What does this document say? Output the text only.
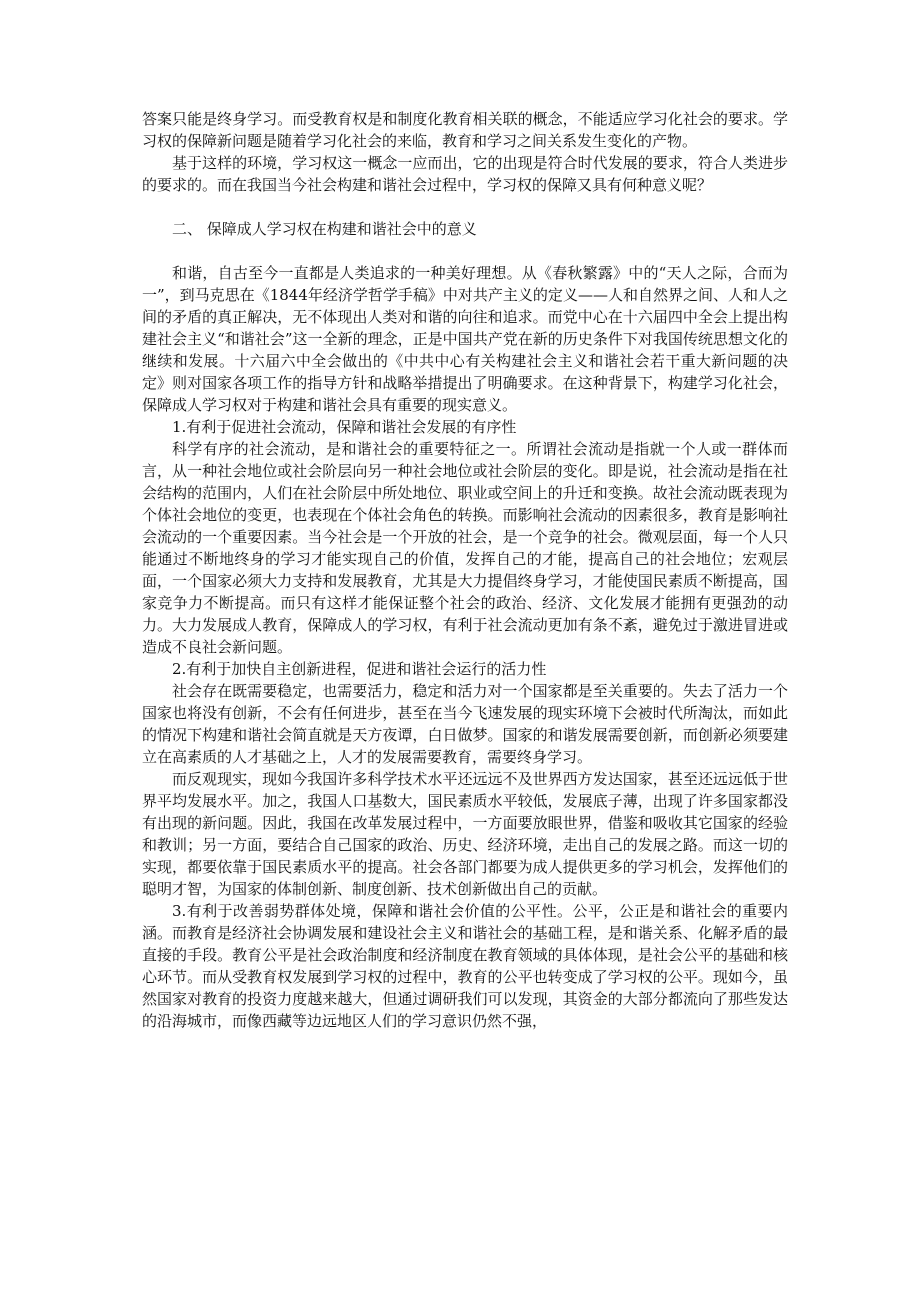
答案只能是终身学习。而受教育权是和制度化教育相关联的概念，不能适应学习化社会的要求。学习权的保障新问题是随着学习化社会的来临，教育和学习之间关系发生变化的产物。

基于这样的环境，学习权这一概念一应而出，它的出现是符合时代发展的要求，符合人类进步的要求的。而在我国当今社会构建和谐社会过程中，学习权的保障又具有何种意义呢？

二、 保障成人学习权在构建和谐社会中的意义

和谐，自古至今一直都是人类追求的一种美好理想。从《春秋繁露》中的“天人之际，合而为一”，到马克思在《1844年经济学哲学手稿》中对共产主义的定义——人和自然界之间、人和人之间的矛盾的真正解决，无不体现出人类对和谐的向往和追求。而党中心在十六届四中全会上提出构建社会主义“和谐社会”这一全新的理念，正是中国共产党在新的历史条件下对我国传统思想文化的继续和发展。十六届六中全会做出的《中共中心有关构建社会主义和谐社会若干重大新问题的决定》则对国家各项工作的指导方针和战略举措提出了明确要求。在这种背景下，构建学习化社会，保障成人学习权对于构建和谐社会具有重要的现实意义。

1.有利于促进社会流动，保障和谐社会发展的有序性

科学有序的社会流动，是和谐社会的重要特征之一。所谓社会流动是指就一个人或一群体而言，从一种社会地位或社会阶层向另一种社会地位或社会阶层的变化。即是说，社会流动是指在社会结构的范围内，人们在社会阶层中所处地位、职业或空间上的升迁和变换。故社会流动既表现为个体社会地位的变更，也表现在个体社会角色的转换。而影响社会流动的因素很多，教育是影响社会流动的一个重要因素。当今社会是一个开放的社会，是一个竞争的社会。微观层面，每一个人只能通过不断地终身的学习才能实现自己的价值，发挥自己的才能，提高自己的社会地位；宏观层面，一个国家必须大力支持和发展教育，尤其是大力提倡终身学习，才能使国民素质不断提高，国家竞争力不断提高。而只有这样才能保证整个社会的政治、经济、文化发展才能拥有更强劲的动力。大力发展成人教育，保障成人的学习权，有利于社会流动更加有条不紊，避免过于激进冒进或造成不良社会新问题。

2.有利于加快自主创新进程，促进和谐社会运行的活力性

社会存在既需要稳定，也需要活力，稳定和活力对一个国家都是至关重要的。失去了活力一个国家也将没有创新，不会有任何进步，甚至在当今飞速发展的现实环境下会被时代所淘汰，而如此的情况下构建和谐社会简直就是天方夜谭，白日做梦。国家的和谐发展需要创新，而创新必须要建立在高素质的人才基础之上，人才的发展需要教育，需要终身学习。

而反观现实，现如今我国许多科学技术水平还远远不及世界西方发达国家，甚至还远远低于世界平均发展水平。加之，我国人口基数大，国民素质水平较低，发展底子薄，出现了许多国家都没有出现的新问题。因此，我国在改革发展过程中，一方面要放眼世界，借鉴和吸收其它国家的经验和教训；另一方面，要结合自己国家的政治、历史、经济环境，走出自己的发展之路。而这一切的实现，都要依靠于国民素质水平的提高。社会各部门都要为成人提供更多的学习机会，发挥他们的聪明才智，为国家的体制创新、制度创新、技术创新做出自己的贡献。

3.有利于改善弱势群体处境，保障和谐社会价值的公平性。公平，公正是和谐社会的重要内涵。而教育是经济社会协调发展和建设社会主义和谐社会的基础工程，是和谐关系、化解矛盾的最直接的手段。教育公平是社会政治制度和经济制度在教育领域的具体体现，是社会公平的基础和核心环节。而从受教育权发展到学习权的过程中，教育的公平也转变成了学习权的公平。现如今，虽然国家对教育的投资力度越来越大，但通过调研我们可以发现，其资金的大部分都流向了那些发达的沿海城市，而像西藏等边远地区人们的学习意识仍然不强，
